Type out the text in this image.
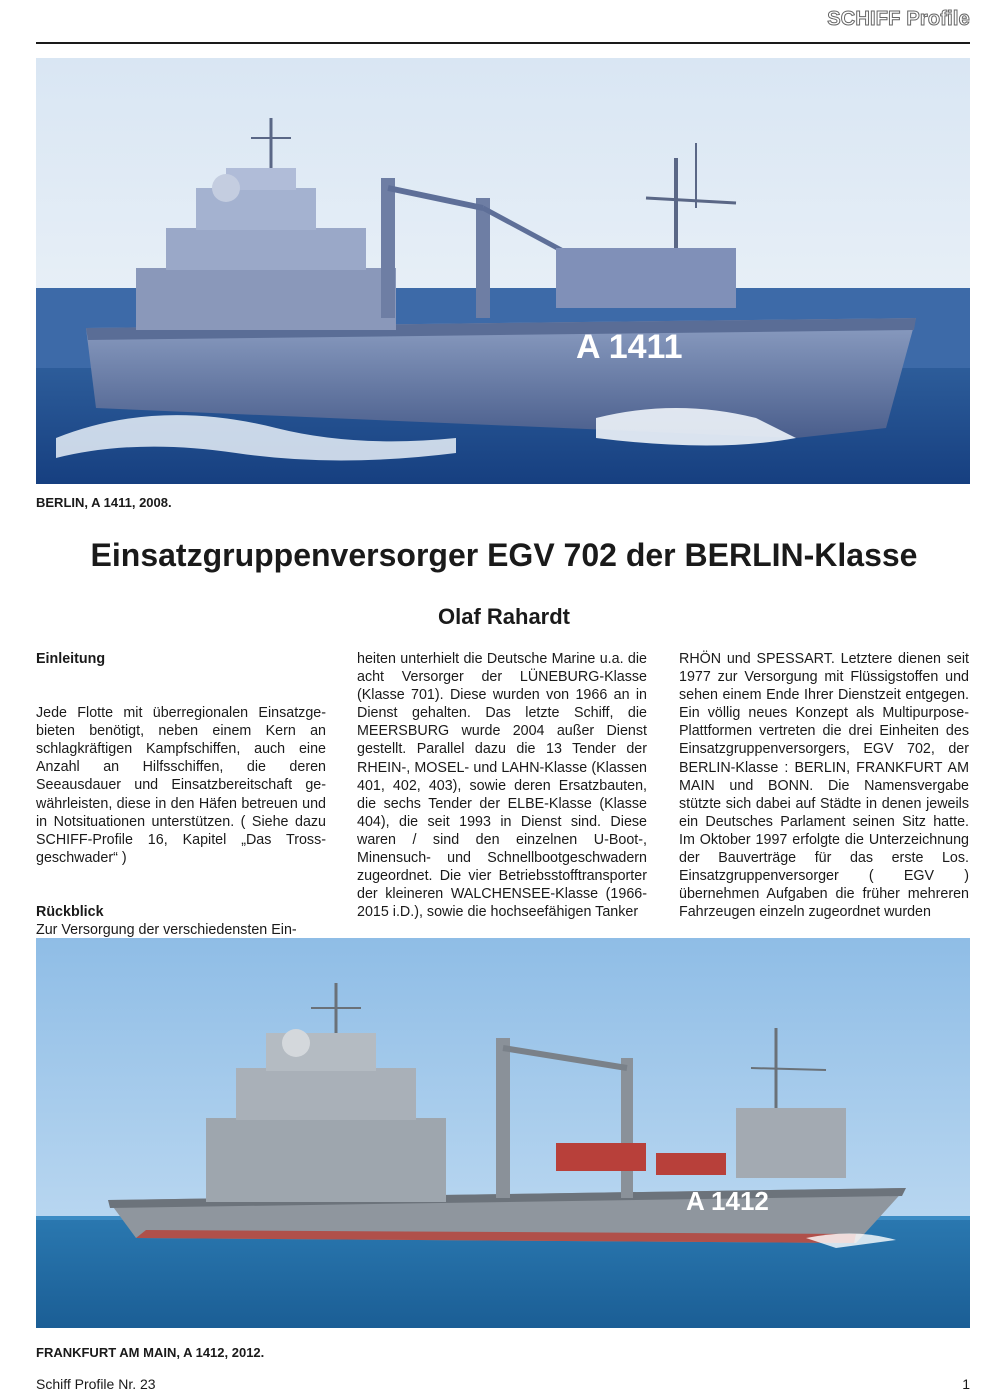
SCHIFF Profile
A 1411
BERLIN, A 1411, 2008.
Einsatzgruppenversorger EGV 702 der BERLIN-Klasse
Olaf Rahardt
Einleitung

Jede Flotte mit überregionalen Einsatzgebieten benötigt, neben einem Kern an schlagkräftigen Kampfschiffen, auch eine Anzahl an Hilfsschiffen, die deren Seeausdauer und Einsatzbereitschaft gewährleisten, diese in den Häfen betreuen und in Notsituationen unterstützen. ( Siehe dazu SCHIFF-Profile 16, Kapitel „Das Trossgeschwader“ )

Rückblick

Zur Versorgung der verschiedensten Ein-

heiten unterhielt die Deutsche Marine u.a. die acht Versorger der LÜNEBURG-Klasse (Klasse 701). Diese wurden von 1966 an in Dienst gehalten. Das letzte Schiff, die MEERSBURG wurde 2004 außer Dienst gestellt. Parallel dazu die 13 Tender der RHEIN-, MOSEL- und LAHN-Klasse (Klassen 401, 402, 403), sowie deren Ersatzbauten, die sechs Tender der ELBE-Klasse (Klasse 404), die seit 1993 in Dienst sind. Diese waren / sind den einzelnen U-Boot-, Minensuch- und Schnellbootgeschwadern zugeordnet. Die vier Betriebsstofftransporter der kleineren WALCHENSEE-Klasse (1966-2015 i.D.), sowie die hochseefähigen Tanker

RHÖN und SPESSART. Letztere dienen seit 1977 zur Versorgung mit Flüssigstoffen und sehen einem Ende Ihrer Dienstzeit entgegen. Ein völlig neues Konzept als Multipurpose-Plattformen vertreten die drei Einheiten des Einsatzgruppenversorgers, EGV 702, der BERLIN-Klasse : BERLIN, FRANKFURT AM MAIN und BONN. Die Namensvergabe stützte sich dabei auf Städte in denen jeweils ein Deutsches Parlament seinen Sitz hatte. Im Oktober 1997 erfolgte die Unterzeichnung der Bauverträge für das erste Los. Einsatzgruppenversorger ( EGV ) übernehmen Aufgaben die früher mehreren Fahrzeugen einzeln zugeordnet wurden

A 1412
FRANKFURT AM MAIN, A 1412, 2012.
Schiff Profile Nr. 23	1
